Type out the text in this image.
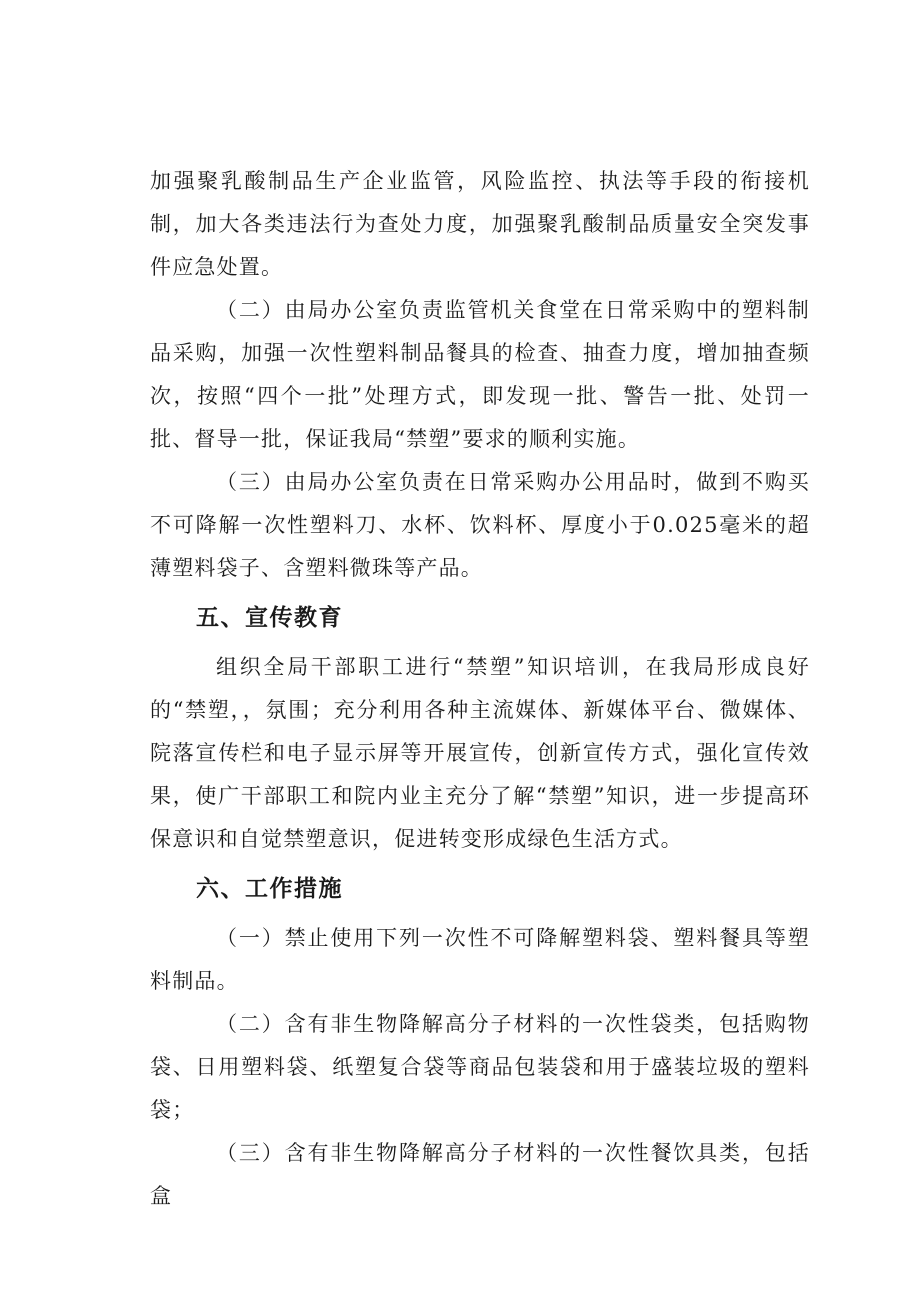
加强聚乳酸制品生产企业监管，风险监控、执法等手段的衔接机制，加大各类违法行为查处力度，加强聚乳酸制品质量安全突发事件应急处置。

（二）由局办公室负责监管机关食堂在日常采购中的塑料制品采购，加强一次性塑料制品餐具的检查、抽查力度，增加抽查频次，按照“四个一批”处理方式，即发现一批、警告一批、处罚一批、督导一批，保证我局“禁塑”要求的顺利实施。

（三）由局办公室负责在日常采购办公用品时，做到不购买不可降解一次性塑料刀、水杯、饮料杯、厚度小于0.025毫米的超薄塑料袋子、含塑料微珠等产品。

五、宣传教育

组织全局干部职工进行“禁塑”知识培训，在我局形成良好的“禁塑，，氛围；充分利用各种主流媒体、新媒体平台、微媒体、院落宣传栏和电子显示屏等开展宣传，创新宣传方式，强化宣传效果，使广干部职工和院内业主充分了解“禁塑”知识，进一步提高环保意识和自觉禁塑意识，促进转变形成绿色生活方式。

六、工作措施

（一）禁止使用下列一次性不可降解塑料袋、塑料餐具等塑料制品。

（二）含有非生物降解高分子材料的一次性袋类，包括购物袋、日用塑料袋、纸塑复合袋等商品包装袋和用于盛装垃圾的塑料袋；

（三）含有非生物降解高分子材料的一次性餐饮具类，包括盒
